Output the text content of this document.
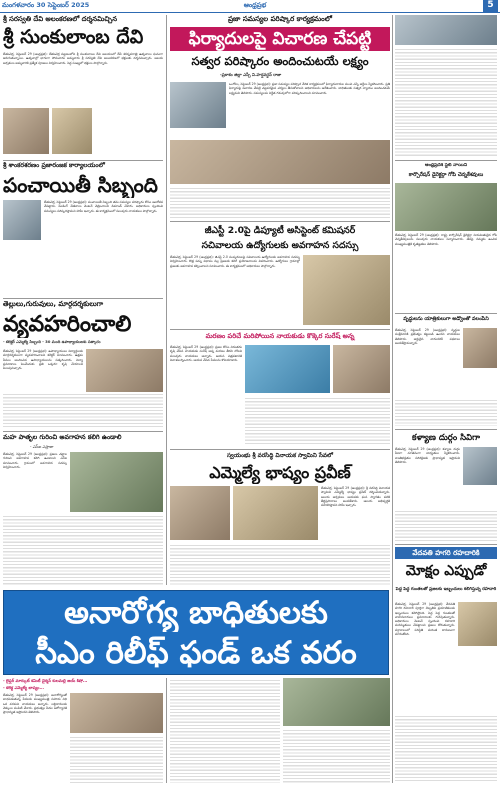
మంగళవారం 30 సెప్టెంబర్ 2025	ఆంధ్రప్రభ	5
శ్రీ సరస్వతి దేవి అలంకరణలో దర్శనమిచ్చిన
శ్రీ సుంకులాంబ దేవి
బేతంచెర్ల, సెప్టెంబర్ 29 (ఆంధ్రప్రభ): బేతంచెర్ల పట్టణంలోని శ్రీ సుంకులాంబ దేవి ఆలయంలో దేవీ శరన్నవరాత్రి ఉత్సవాలు ఘనంగా జరుగుతున్నాయి. ఉత్సవాల్లో భాగంగా సోమవారం అమ్మవారు శ్రీ సరస్వతి దేవి అలంకరణలో భక్తులకు దర్శనమిచ్చారు. ఆలయ అర్చకులు అమ్మవారికి ప్రత్యేక పూజలు నిర్వహించారు. పెద్ద సంఖ్యలో భక్తులు పాల్గొన్నారు.
శ్రీ శాంకరశరణం ప్రజారంజక కార్యాలయంలో
పంచాయితీ సిబ్బంది
బేతంచెర్ల, సెప్టెంబర్ 29 (ఆంధ్రప్రభ): పంచాయితీ సిబ్బంది తమ సమస్యల పరిష్కారం కోసం ఆందోళన చేపట్టారు. పెండింగ్ వేతనాలు వెంటనే చెల్లించాలని డిమాండ్ చేశారు. అధికారులు స్పందించి సమస్యలు పరిష్కరిస్తామని హామీ ఇచ్చారు. ఈ కార్యక్రమంలో పలువురు నాయకులు పాల్గొన్నారు.
తెల్లులు,గురువులు, మార్గదర్శకులుగా
వ్యవహరించాలి
- కలెక్టర్ ఎమ్మెల్యే సిబ్బంది - 30 మంది ఉపాధ్యాయులకు సత్కారం
బేతంచెర్ల, సెప్టెంబర్ 29 (ఆంధ్రప్రభ): ఉపాధ్యాయులు విద్యార్థులకు మార్గదర్శకులుగా వ్యవహరించాలని కలెక్టర్ సూచించారు. ఉత్తమ సేవలు అందించిన ఉపాధ్యాయులను సత్కరించారు. విద్యా ప్రమాణాలు పెంచేందుకు ప్రతి ఒక్కరూ కృషి చేయాలని పిలుపునిచ్చారు.
మహ పాతృల గురించి అవగాహన కలిగి ఉండాలి
- ఎస్ఐ ఎస్రాజు
బేతంచెర్ల, సెప్టెంబర్ 29 (ఆంధ్రప్రభ): ప్రజలు చట్టాల గురించి అవగాహన కలిగి ఉండాలని ఎస్ఐ సూచించారు. గ్రామంలో అవగాహన సదస్సు నిర్వహించారు.
ప్రజా సమస్యల పరిష్కార కార్యక్రమంలో
ఫిర్యాదులపై విచారణ చేపట్టి
సత్వర పరిష్కారం అందించుటయే లక్ష్యం
-ప్రకాశం జిల్లా ఎస్పీ వి.హర్షవర్ధన్ రాజు
ఒంగోలు, సెప్టెంబర్ 29 (ఆంధ్రప్రభ): ప్రజా సమస్యల పరిష్కార వేదిక కార్యక్రమంలో ఫిర్యాదుదారుల నుంచి ఎస్పీ అర్జీలు స్వీకరించారు. ప్రతి ఫిర్యాదుపై విచారణ చేపట్టి చట్టపరమైన చర్యలు తీసుకోవాలని అధికారులను ఆదేశించారు. బాధితులకు సత్వర న్యాయం అందించడమే లక్ష్యమని తెలిపారు. సమస్యలను నిర్ణీత గడువులోగా పరిష్కరించాలని సూచించారు.
జీఎస్టీ 2.0పై డిప్యూటీ అసిస్టెంట్ కమిషనర్
సచివాలయ ఉద్యోగులకు అవగాహన సదస్సు
బేతంచెర్ల, సెప్టెంబర్ 29 (ఆంధ్రప్రభ): జీఎస్టీ 2.0 సంస్కరణలపై సచివాలయ ఉద్యోగులకు అవగాహన సదస్సు నిర్వహించారు. కొత్త పన్ను విధానం వల్ల ప్రజలకు కలిగే ప్రయోజనాలను వివరించారు. ఉద్యోగులు గ్రామాల్లో ప్రజలకు అవగాహన కల్పించాలని సూచించారు. ఈ కార్యక్రమంలో అధికారులు పాల్గొన్నారు.
మరణం పరిచే మరిపోయిన నాయకుడు కొక్కెర సురేష్ అన్న
బేతంచెర్ల, సెప్టెంబర్ 29 (ఆంధ్రప్రభ): ప్రజల కోసం నిరంతరం కృషి చేసిన నాయకుడు సురేష్ అన్న మరణం తీరని లోటని పలువురు నాయకులు అన్నారు. ఆయన చిత్రపటానికి నివాళులర్పించారు. ఆయన చేసిన సేవలను కొనియాడారు.
స్వయంభు శ్రీ వరసిద్ధి వినాయక స్వామిని సేవలో
ఎమ్మెల్యే భాష్యం ప్రవీణ్
బేతంచెర్ల, సెప్టెంబర్ 29 (ఆంధ్రప్రభ): శ్రీ వరసిద్ధి వినాయక స్వామిని ఎమ్మెల్యే భాష్యం ప్రవీణ్ దర్శించుకున్నారు. ఆలయ అర్చకులు ఆయనకు ఘన స్వాగతం పలికి తీర్థప్రసాదాలు అందజేశారు. ఆలయ అభివృద్ధికి సహకరిస్తానని హామీ ఇచ్చారు.
ఆంధ్రప్రదేశ్ స్టేట్ నాయిని
కార్పొరేషన్ డైరెక్టర్గా గోపి చెన్నకేశవులు
బేతంచెర్ల, సెప్టెంబర్ 29 (ఆంధ్రప్రభ): రాష్ట్ర కార్పొరేషన్ డైరెక్టర్గా నియమితులైన గోపి చెన్నకేశవులును పలువురు నాయకులు సన్మానించారు. తనపై నమ్మకం ఉంచిన ముఖ్యమంత్రికి కృతజ్ఞతలు తెలిపారు.
వృద్ధులను యాత్రికులుగా అడ్వొంతో వలంపేని
బేతంచెర్ల, సెప్టెంబర్ 29 (ఆంధ్రప్రభ): వృద్ధుల సంక్షేమానికి ప్రభుత్వం కట్టుబడి ఉందని నాయకులు తెలిపారు. అర్హులైన వారందరికీ పథకాలు అందజేస్తామన్నారు.
కళ్యాణ దుర్గం సివిగా
బేతంచెర్ల, సెప్టెంబర్ 29 (ఆంధ్రప్రభ): కళ్యాణ దుర్గం సీఐగా నూతనంగా బాధ్యతలు స్వీకరించారు. శాంతిభద్రతల పరిరక్షణకు ప్రాధాన్యత ఇస్తామని తెలిపారు.
వేదవతి హగరి రహదారికి
మోక్షం ఎప్పుడో
అనారోగ్య బాధితులకు
సీఎం రిలీఫ్ ఫండ్ ఒక వరం
- లైఫ్లర్ మార్కుట్ కమిటీ చైర్మన్ కులమల్లి జయ్ కిషో...
- కలెక్ట ఎమ్మెల్యే బాష్యం...
బేతంచెర్ల, సెప్టెంబర్ 29 (ఆంధ్రప్రభ): అనారోగ్యంతో బాధపడుతున్న పేదలకు ముఖ్యమంత్రి సహాయ నిధి ఒక వరమని నాయకులు అన్నారు. లబ్ధిదారులకు చెక్కులు పంపిణీ చేశారు. ప్రభుత్వం పేదల ఆరోగ్యానికి ప్రాధాన్యత ఇస్తోందని తెలిపారు.
పెద్ద పెద్ద గుంతలతో ప్రజలకు ఇబ్బందులు కలిగిస్తున్న రహదారి
బేతంచెర్ల, సెప్టెంబర్ 29 (ఆంధ్రప్రభ): వేదవతి హగరి రహదారి పూర్తిగా దెబ్బతిని ప్రయాణికులకు ఇబ్బందులు కలిగిస్తోంది. పెద్ద పెద్ద గుంతలతో వాహనదారులు ప్రమాదాలకు గురవుతున్నారు. అధికారులు వెంటనే స్పందించి రహదారి మరమ్మతులు చేపట్టాలని ప్రజలు కోరుతున్నారు. వర్షాకాలంలో పరిస్థితి మరింత దారుణంగా మారుతోంది.
